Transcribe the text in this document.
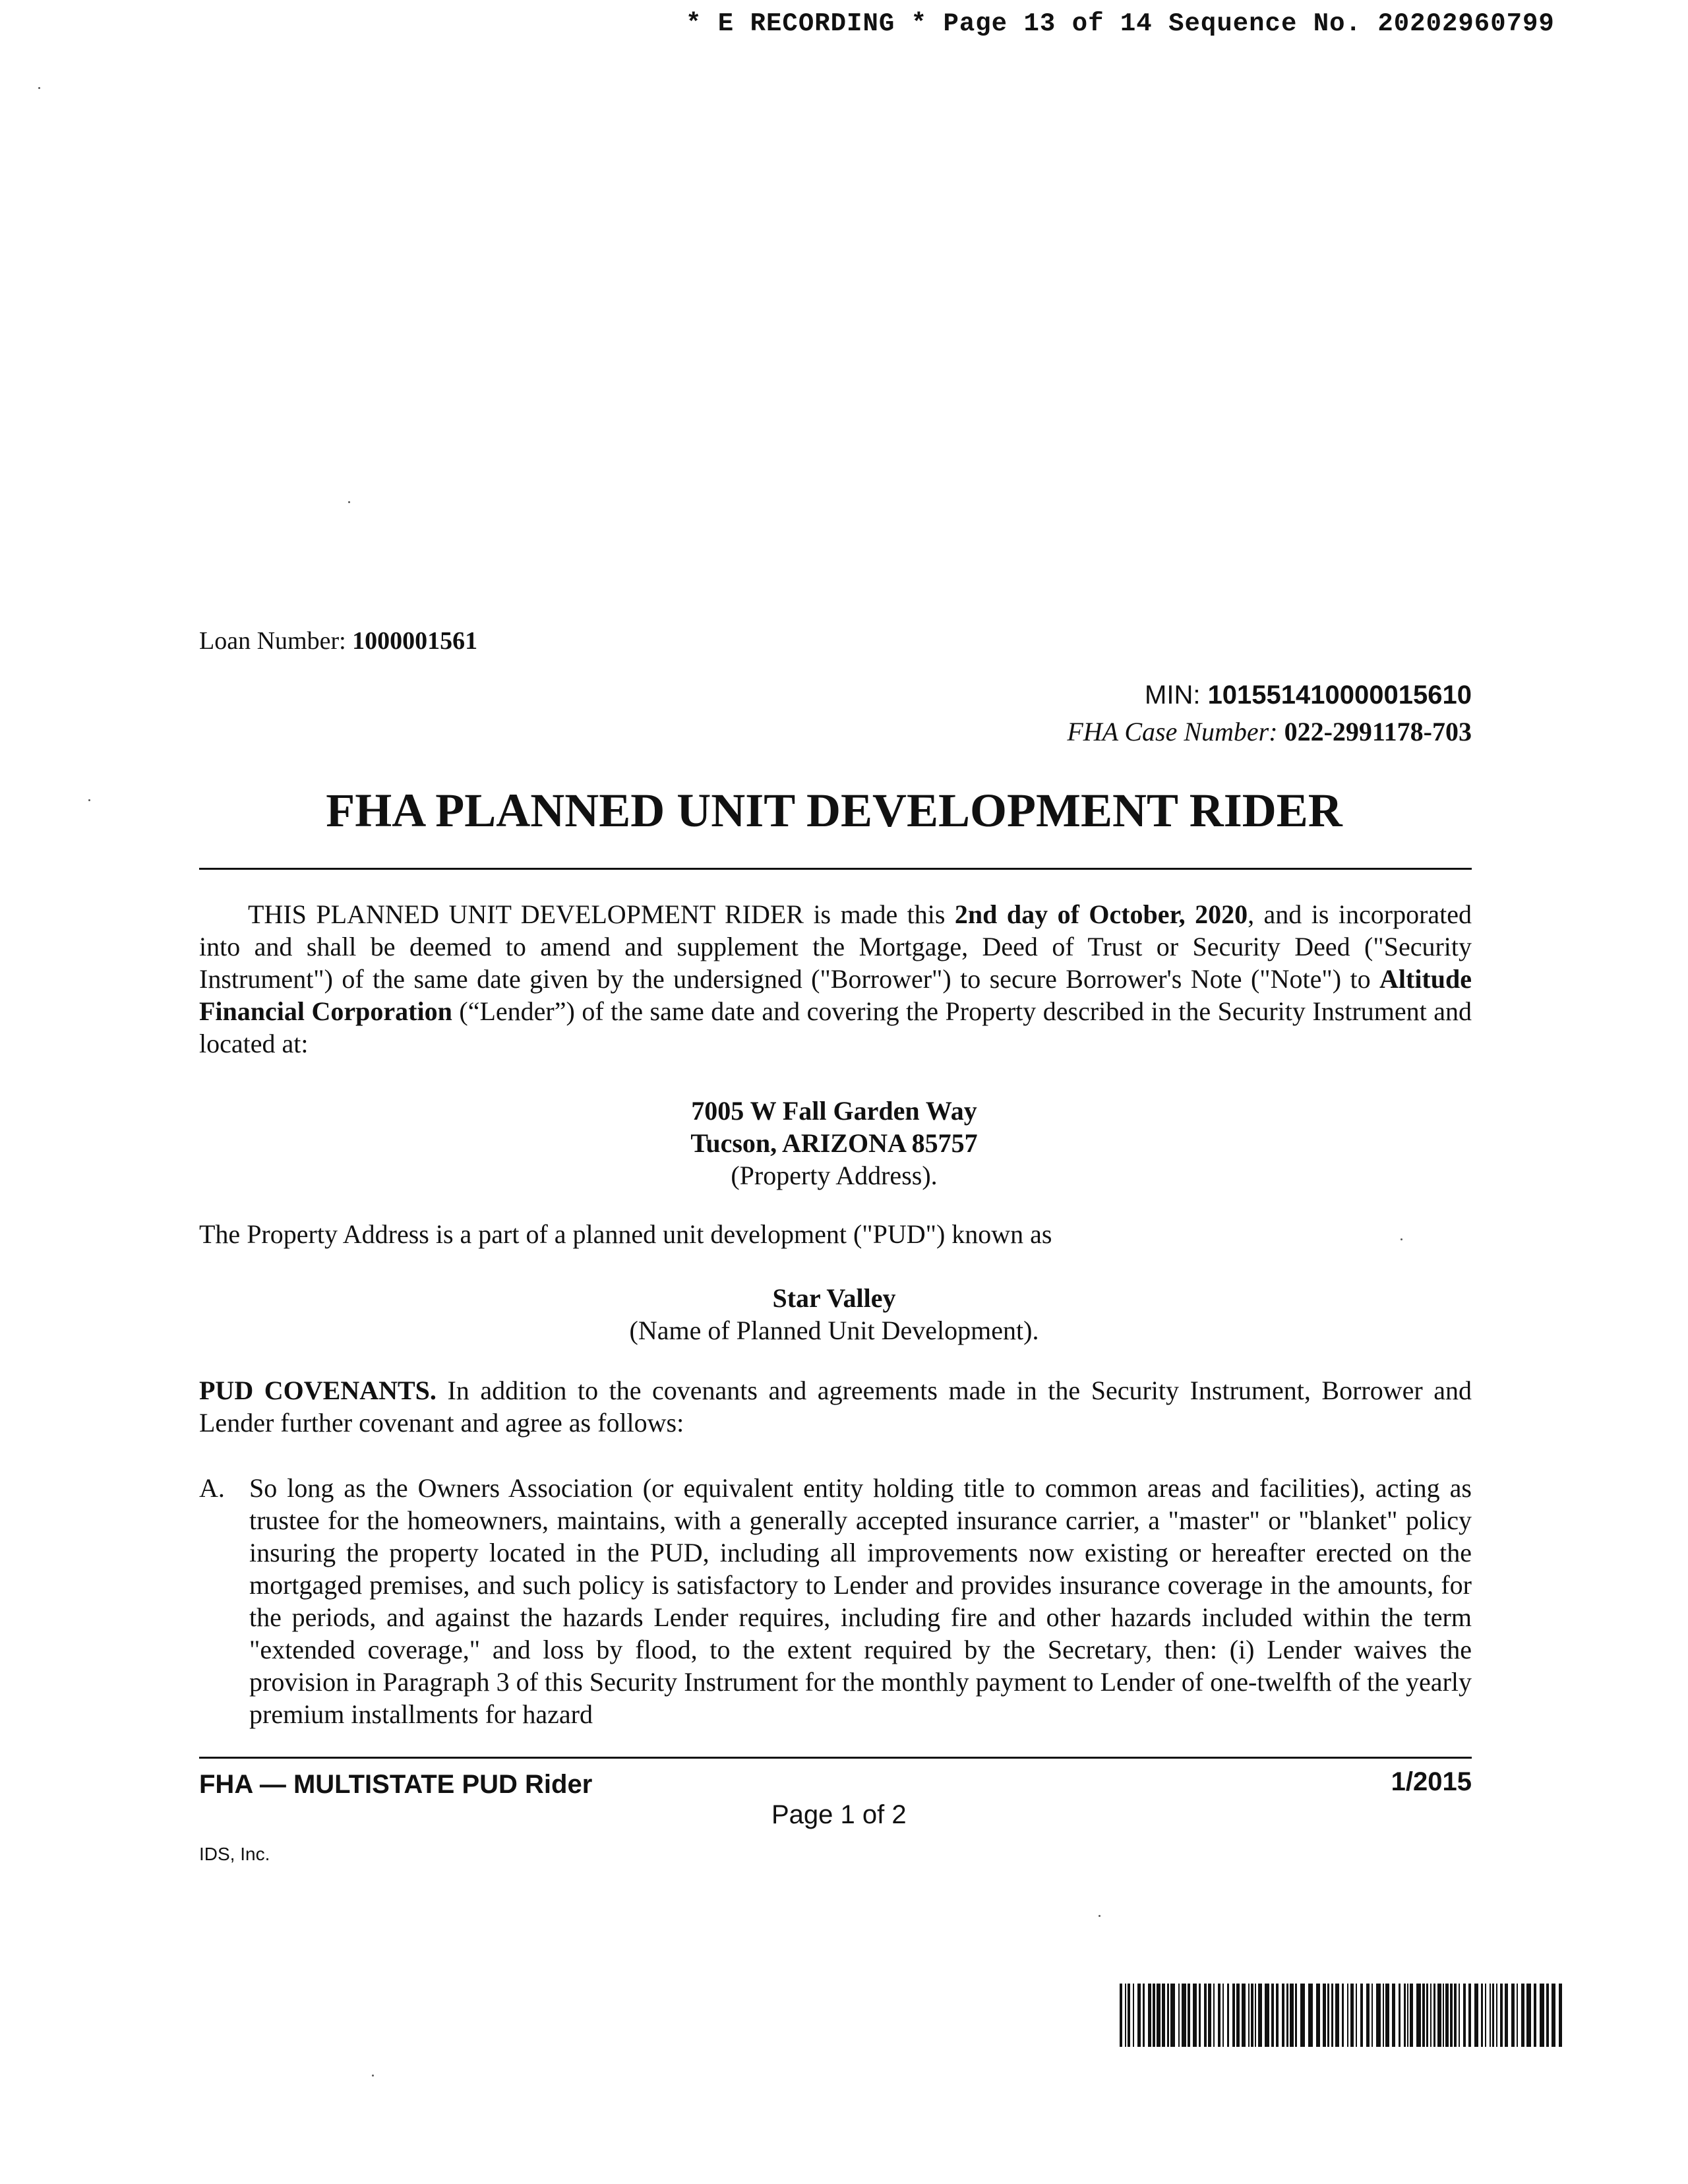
* E RECORDING * Page 13 of 14 Sequence No. 20202960799
Loan Number: 1000001561
MIN: 101551410000015610
FHA Case Number: 022-2991178-703
FHA PLANNED UNIT DEVELOPMENT RIDER
THIS PLANNED UNIT DEVELOPMENT RIDER is made this 2nd day of October, 2020, and is incorporated into and shall be deemed to amend and supplement the Mortgage, Deed of Trust or Security Deed ("Security Instrument") of the same date given by the undersigned ("Borrower") to secure Borrower's Note ("Note") to Altitude Financial Corporation (“Lender”) of the same date and covering the Property described in the Security Instrument and located at:
7005 W Fall Garden Way
Tucson, ARIZONA 85757
(Property Address).
The Property Address is a part of a planned unit development ("PUD") known as
Star Valley
(Name of Planned Unit Development).
PUD COVENANTS. In addition to the covenants and agreements made in the Security Instrument, Borrower and Lender further covenant and agree as follows:
A. So long as the Owners Association (or equivalent entity holding title to common areas and facilities), acting as trustee for the homeowners, maintains, with a generally accepted insurance carrier, a "master" or "blanket" policy insuring the property located in the PUD, including all improvements now existing or hereafter erected on the mortgaged premises, and such policy is satisfactory to Lender and provides insurance coverage in the amounts, for the periods, and against the hazards Lender requires, including fire and other hazards included within the term "extended coverage," and loss by flood, to the extent required by the Secretary, then: (i) Lender waives the provision in Paragraph 3 of this Security Instrument for the monthly payment to Lender of one-twelfth of the yearly premium installments for hazard
FHA — MULTISTATE PUD Rider	1/2015
Page 1 of 2
IDS, Inc.
